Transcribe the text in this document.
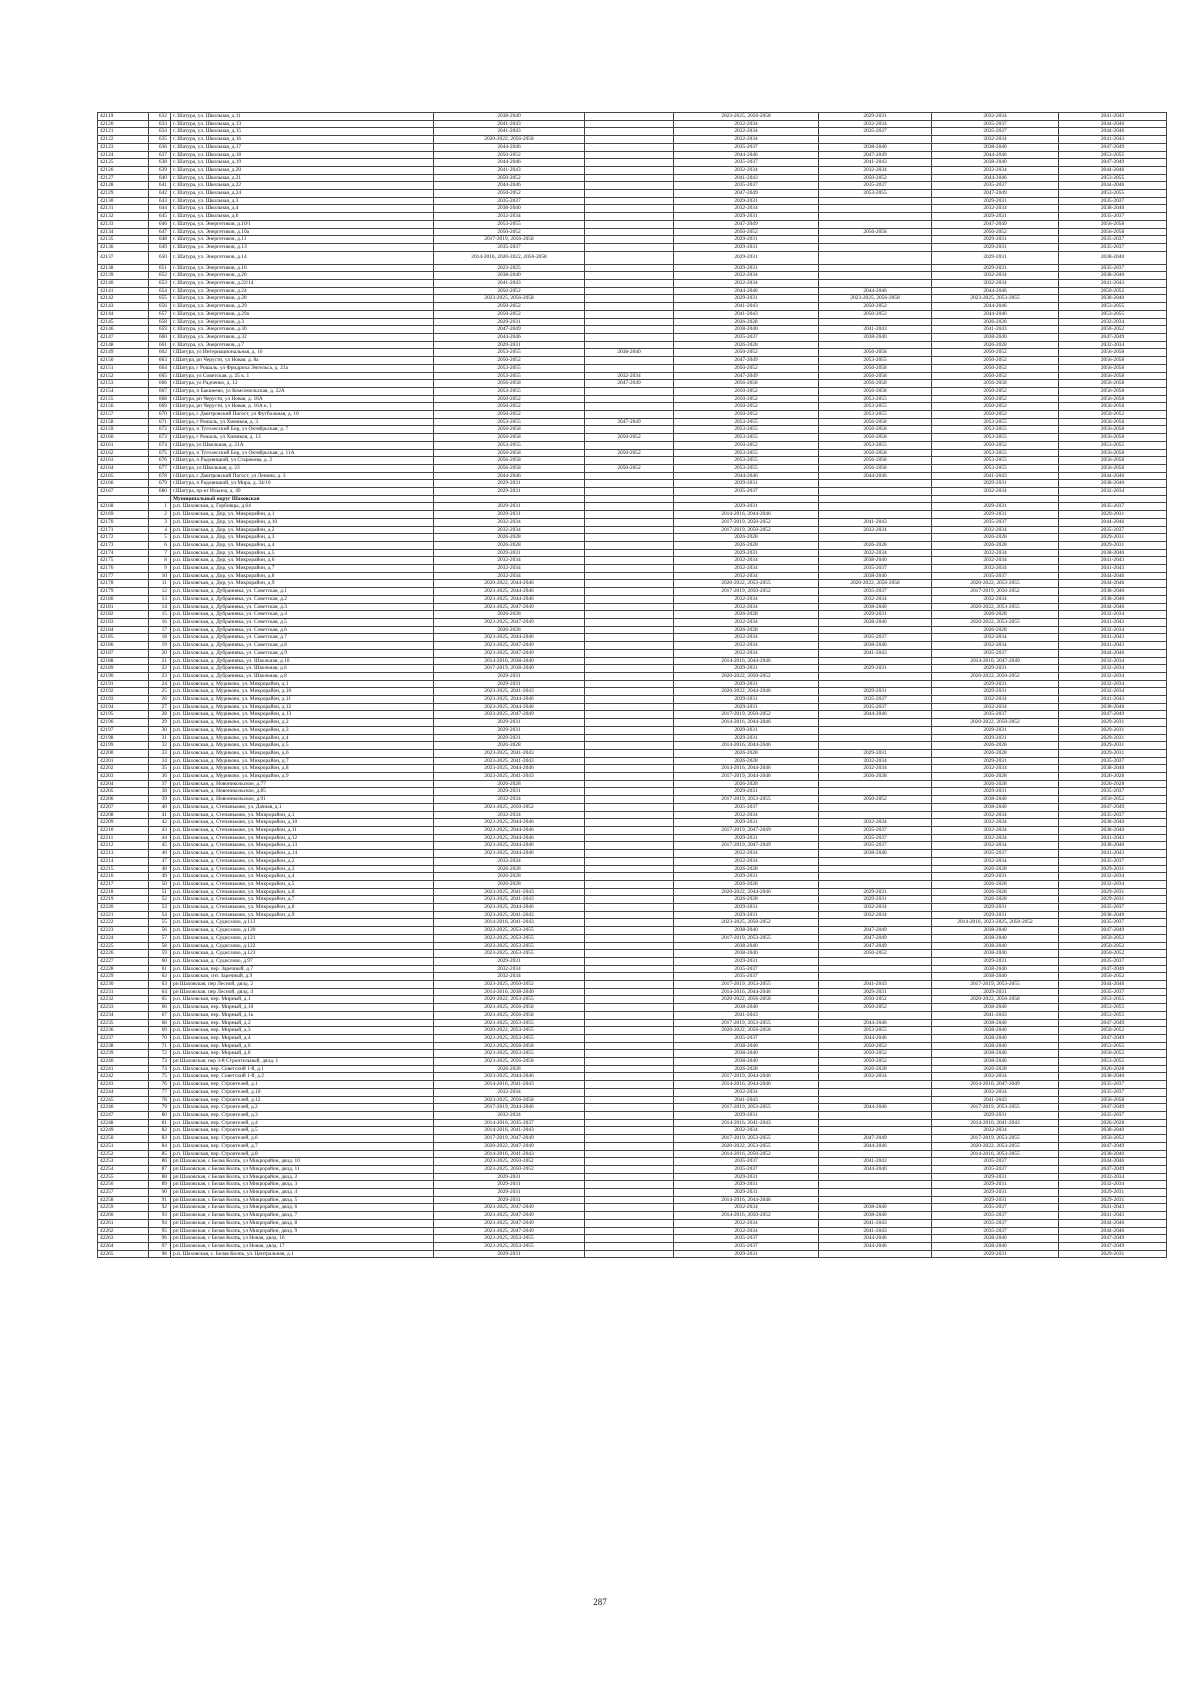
42119	632	г. Шатура, ул. Школьная, д.11	2038-2040		2023-2025, 2056-2058	2029-2031	2032-2034	2041-2043
42120	633	г. Шатура, ул. Школьная, д.13	2041-2043		2032-2034	2032-2034	2035-2037	2044-2046
42121	634	г. Шатура, ул. Школьная, д.15	2041-2043		2032-2034	2035-2037	2035-2037	2044-2046
42122	635	г. Шатура, ул. Школьная, д.16	2020-2022, 2056-2058		2032-2034		2032-2034	2041-2043
42123	636	г. Шатура, ул. Школьная, д.17	2044-2046		2035-2037	2038-2040	2038-2040	2047-2049
42124	637	г. Шатура, ул. Школьная, д.18	2050-2052		2044-2046	2047-2049	2044-2046	2053-2055
42125	638	г. Шатура, ул. Школьная, д.19	2044-2046		2035-2037	2041-2043	2038-2040	2047-2049
42126	639	г. Шатура, ул. Школьная, д.20	2041-2043		2032-2034	2032-2034	2032-2034	2044-2046
42127	640	г. Шатура, ул. Школьная, д.21	2050-2052		2041-2043	2050-2052	2044-2046	2053-2055
42128	641	г. Шатура, ул. Школьная, д.22	2044-2046		2035-2037	2035-2037	2035-2037	2044-2046
42129	642	г. Шатура, ул. Школьная, д.24	2050-2052		2047-2049	2053-2055	2047-2049	2053-2055
42130	643	г. Шатура, ул. Школьная, д.3	2035-2037		2029-2031		2029-2031	2035-2037
42131	644	г. Шатура, ул. Школьная, д.4	2038-2040		2032-2034		2032-2034	2038-2040
42132	645	г. Шатура, ул. Школьная, д.6	2032-2034		2029-2031		2029-2031	2035-2037
42133	646	г. Шатура, ул. Энергетиков, д.10/1	2053-2055		2047-2049		2047-2049	2056-2058
42134	647	г. Шатура, ул. Энергетиков, д.10а	2050-2052		2050-2052	2056-2058	2050-2052	2056-2058
42135	648	г. Шатура, ул. Энергетиков, д.11	2017-2019, 2056-2058		2029-2031		2029-2031	2035-2037
42136	649	г. Шатура, ул. Энергетиков, д.13	2035-2037		2029-2031		2029-2031	2035-2037
42137	650	г. Шатура, ул. Энергетиков, д.14	2014-2016, 2020-2022, 2056-2058		2029-2031		2029-2031	2038-2040
42138	651	г. Шатура, ул. Энергетиков, д.16	2023-2025		2029-2031		2029-2031	2035-2037
42139	652	г. Шатура, ул. Энергетиков, д.20	2038-2040		2032-2034		2032-2034	2038-2040
42140	653	г. Шатура, ул. Энергетиков, д.22/14	2041-2043		2032-2034		2032-2034	2041-2043
42141	654	г. Шатура, ул. Энергетиков, д.24	2050-2052		2044-2046	2044-2046	2044-2046	2050-2052
42142	655	г. Шатура, ул. Энергетиков, д.28	2023-2025, 2056-2058		2029-2031	2023-2025, 2056-2058	2023-2025, 2053-2055	2038-2040
42143	656	г. Шатура, ул. Энергетиков, д.29	2050-2052		2041-2043	2050-2052	2044-2046	2053-2055
42144	657	г. Шатура, ул. Энергетиков, д.29а	2050-2052		2041-2043	2050-2052	2044-2046	2053-2055
42145	658	г. Шатура, ул. Энергетиков, д.3	2029-2031		2026-2028		2026-2028	2032-2034
42146	659	г. Шатура, ул. Энергетиков, д.30	2047-2049		2038-2040	2041-2043	2041-2043	2050-2052
42147	660	г. Шатура, ул. Энергетиков, д.32	2044-2046		2035-2037	2038-2040	2038-2040	2047-2049
42148	661	г. Шатура, ул. Энергетиков, д.7	2029-2031		2026-2028		2026-2028	2032-2034
42149	662	г.Шатура, ул Интернациональная, д. 16	2053-2055	2038-2040	2050-2052	2056-2058	2050-2052	2056-2058
42150	663	г.Шатура, рп Черусти, ул Новая, д. 8а	2050-2052		2047-2049	2053-2055	2050-2052	2056-2058
42151	664	г.Шатура, г Рошаль, ул Фридриха Энгельса, д. 21а	2053-2055		2050-2052	2056-2058	2050-2052	2056-2058
42152	665	г.Шатура, ул Советская, д. 25 к. 1	2053-2055	2032-2034	2047-2049	2056-2058	2050-2052	2056-2058
42153	666	г.Шатура, ул Радченко, д. 12	2056-2058	2047-2049	2056-2058	2056-2058	2056-2058	2056-2058
42154	667	г.Шатура, п Бакшеево, ул Комсомольская, д. 22А	2053-2055		2050-2052	2056-2058	2050-2052	2056-2058
42155	668	г.Шатура, рп Черусти, ул Новая, д. 16А	2050-2052		2050-2052	2053-2055	2050-2052	2056-2058
42156	669	г.Шатура, рп Черусти, ул Новая, д. 16А к. 1	2050-2052		2050-2052	2053-2055	2050-2052	2056-2058
42157	670	г.Шатура, с Дмитровский Погост, ул Футбольная, д. 10	2050-2052		2050-2052	2053-2055	2050-2052	2050-2052
42158	671	г.Шатура, г Рошаль, ул Химиков, д. 3	2053-2055	2047-2049	2053-2055	2056-2058	2053-2055	2056-2058
42159	672	г.Шатура, п Туголесский Бор, ул Октябрьская, д. 7	2056-2058		2053-2055	2056-2058	2053-2055	2056-2058
42160	673	г.Шатура, г Рошаль, ул Химиков, д. 13	2056-2058	2050-2052	2053-2055	2056-2058	2053-2055	2056-2058
42161	674	г.Шатура, ул Школьная, д. 21А	2053-2055		2050-2052	2053-2055	2050-2052	2053-2055
42162	675	г.Шатура, п Туголесский Бор, ул Октябрьская, д. 11А	2056-2058	2050-2052	2053-2055	2056-2058	2053-2055	2056-2058
42163	676	г.Шатура, п Радовицкий, ул Старикова, д. 2	2056-2058		2053-2055	2056-2058	2053-2055	2056-2058
42164	677	г.Шатура, ул Школьная, д. 23	2056-2058	2050-2052	2053-2055	2056-2058	2053-2055	2056-2058
42165	678	г.Шатура, с Дмитровский Погост, ул Ленина, д. 3	2044-2046		2044-2046	2044-2046	2041-2043	2044-2046
42166	679	г.Шатура, п Радовицкий, ул Мира, д. 34/10	2029-2031		2029-2031		2029-2031	2038-2040
42167	680	г.Шатура, пр-кт Ильича, д. 49	2029-2031		2035-2037		2032-2034	2032-2034
		Муниципальный округ Шаховская						
42168	1	р.п. Шаховская, д. Горбовцы, д.64	2029-2031		2029-2031		2029-2031	2035-2037
42169	2	р.п. Шаховская, д. Дор, ул. Микрорайон, д.1	2029-2031		2014-2016, 2044-2046		2029-2031	2029-2031
42170	3	р.п. Шаховская, д. Дор, ул. Микрорайон, д.10	2032-2034		2017-2019, 2050-2052	2041-2043	2035-2037	2044-2046
42171	4	р.п. Шаховская, д. Дор, ул. Микрорайон, д.2	2032-2034		2017-2019, 2050-2052	2032-2034	2032-2034	2035-2037
42172	5	р.п. Шаховская, д. Дор, ул. Микрорайон, д.3	2026-2028		2026-2028		2026-2028	2029-2031
42173	6	р.п. Шаховская, д. Дор, ул. Микрорайон, д.4	2026-2028		2026-2028	2026-2028	2026-2028	2029-2031
42174	7	р.п. Шаховская, д. Дор, ул. Микрорайон, д.5	2029-2031		2029-2031	2032-2034	2032-2034	2038-2040
42175	8	р.п. Шаховская, д. Дор, ул. Микрорайон, д.6	2032-2034		2032-2034	2038-2040	2032-2034	2041-2043
42176	9	р.п. Шаховская, д. Дор, ул. Микрорайон, д.7	2032-2034		2032-2034	2035-2037	2032-2034	2041-2043
42177	10	р.п. Шаховская, д. Дор, ул. Микрорайон, д.8	2032-2034		2032-2034	2038-2040	2035-2037	2044-2046
42178	11	р.п. Шаховская, д. Дор, ул. Микрорайон, д.9	2020-2022, 2044-2046		2020-2022, 2053-2055	2020-2022, 2056-2058	2020-2022, 2053-2055	2044-2046
42179	12	р.п. Шаховская, д. Дубранивка, ул. Советская, д.1	2023-2025, 2044-2046		2017-2019, 2050-2052	2035-2037	2017-2019, 2050-2052	2038-2040
42180	13	р.п. Шаховская, д. Дубранивка, ул. Советская, д.2	2023-2025, 2044-2046		2032-2034	2032-2034	2032-2034	2038-2040
42181	14	р.п. Шаховская, д. Дубранивка, ул. Советская, д.3	2023-2025, 2047-2049		2032-2034	2038-2040	2020-2022, 2053-2055	2044-2046
42182	15	р.п. Шаховская, д. Дубранивка, ул. Советская, д.4	2026-2028		2026-2028	2029-2031	2026-2028	2032-2034
42183	16	р.п. Шаховская, д. Дубранивка, ул. Советская, д.5	2023-2025, 2047-2049		2032-2034	2038-2040	2020-2022, 2053-2055	2041-2043
42184	17	р.п. Шаховская, д. Дубранивка, ул. Советская, д.6	2026-2028		2026-2028		2026-2028	2032-2034
42185	18	р.п. Шаховская, д. Дубранивка, ул. Советская, д.7	2023-2025, 2044-2046		2032-2034	2035-2037	2032-2034	2041-2043
42186	19	р.п. Шаховская, д. Дубранивка, ул. Советская, д.8	2023-2025, 2047-2049		2032-2034	2038-2040	2032-2034	2041-2043
42187	20	р.п. Шаховская, д. Дубранивка, ул. Советская, д.9	2023-2025, 2047-2049		2032-2034	2041-2043	2035-2037	2044-2046
42188	21	р.п. Шаховская, д. Дубранивка, ул. Школьная, д.10	2014-2016, 2038-2040		2014-2016, 2044-2046		2014-2016, 2047-2049	2032-2034
42189	22	р.п. Шаховская, д. Дубранивка, ул. Школьная, д.6	2017-2019, 2038-2040		2029-2031	2029-2031	2029-2031	2032-2034
42190	23	р.п. Шаховская, д. Дубранивка, ул. Школьная, д.8	2029-2031		2020-2022, 2050-2052		2020-2022, 2050-2052	2032-2034
42191	24	р.п. Шаховская, д. Муриково, ул. Микрорайон, д.1	2029-2031		2029-2031		2029-2031	2032-2034
42192	25	р.п. Шаховская, д. Муриково, ул. Микрорайон, д.10	2023-2025, 2041-2043		2020-2022, 2044-2046	2029-2031	2029-2031	2032-2034
42193	26	р.п. Шаховская, д. Муриково, ул. Микрорайон, д.11	2023-2025, 2044-2046		2029-2031	2035-2037	2032-2034	2041-2043
42194	27	р.п. Шаховская, д. Муриково, ул. Микрорайон, д.12	2023-2025, 2044-2046		2029-2031	2035-2037	2032-2034	2038-2040
42195	28	р.п. Шаховская, д. Муриково, ул. Микрорайон, д.13	2023-2025, 2047-2049		2017-2019, 2050-2052	2044-2046	2035-2037	2047-2049
42196	29	р.п. Шаховская, д. Муриково, ул. Микрорайон, д.2	2029-2031		2014-2016, 2044-2046		2020-2022, 2050-2052	2029-2031
42197	30	р.п. Шаховская, д. Муриково, ул. Микрорайон, д.3	2029-2031		2029-2031		2029-2031	2029-2031
42198	31	р.п. Шаховская, д. Муриково, ул. Микрорайон, д.4	2029-2031		2029-2031		2029-2031	2029-2031
42199	32	р.п. Шаховская, д. Муриково, ул. Микрорайон, д.5	2026-2028		2014-2016, 2044-2046		2026-2028	2029-2031
42200	33	р.п. Шаховская, д. Муриково, ул. Микрорайон, д.6	2023-2025, 2041-2043		2026-2028	2029-2031	2026-2028	2029-2031
42201	34	р.п. Шаховская, д. Муриково, ул. Микрорайон, д.7	2023-2025, 2041-2043		2026-2028	2032-2034	2029-2031	2035-2037
42202	35	р.п. Шаховская, д. Муриково, ул. Микрорайон, д.8	2023-2025, 2044-2046		2014-2016, 2044-2046	2032-2034	2032-2034	2038-2040
42203	36	р.п. Шаховская, д. Муриково, ул. Микрорайон, д.9	2023-2025, 2041-2043		2017-2019, 2044-2046	2026-2028	2026-2028	2026-2028
42204	37	р.п. Шаховская, д. Новоникольское, д.77	2026-2028		2026-2028		2026-2028	2026-2028
42205	38	р.п. Шаховская, д. Новоникольское, д.85	2029-2031		2029-2031		2029-2031	2035-2037
42206	39	р.п. Шаховская, д. Новоникольское, д.91	2032-2034		2017-2019, 2053-2055	2050-2052	2038-2040	2050-2052
42207	40	р.п. Шаховская, д. Степаньково, ул. Дачная, д.1	2023-2025, 2050-2052		2035-2037		2038-2040	2047-2049
42208	41	р.п. Шаховская, д. Степаньково, ул. Микрорайон, д.1	2032-2034		2032-2034		2032-2034	2035-2037
42209	42	р.п. Шаховская, д. Степаньково, ул. Микрорайон, д.10	2023-2025, 2044-2046		2029-2031	2032-2034	2032-2034	2038-2040
42210	43	р.п. Шаховская, д. Степаньково, ул. Микрорайон, д.11	2023-2025, 2044-2046		2017-2019, 2047-2049	2035-2037	2032-2034	2038-2040
42211	44	р.п. Шаховская, д. Степаньково, ул. Микрорайон, д.12	2023-2025, 2044-2046		2029-2031	2035-2037	2032-2034	2041-2043
42212	45	р.п. Шаховская, д. Степаньково, ул. Микрорайон, д.13	2023-2025, 2044-2046		2017-2019, 2047-2049	2035-2037	2032-2034	2038-2040
42213	46	р.п. Шаховская, д. Степаньково, ул. Микрорайон, д.14	2023-2025, 2044-2046		2032-2034	2038-2040	2035-2037	2041-2043
42214	47	р.п. Шаховская, д. Степаньково, ул. Микрорайон, д.2	2032-2034		2032-2034		2032-2034	2035-2037
42215	48	р.п. Шаховская, д. Степаньково, ул. Микрорайон, д.3	2026-2028		2026-2028		2026-2028	2029-2031
42216	49	р.п. Шаховская, д. Степаньково, ул. Микрорайон, д.4	2026-2028		2029-2031		2029-2031	2032-2034
42217	50	р.п. Шаховская, д. Степаньково, ул. Микрорайон, д.5	2026-2028		2026-2028		2026-2028	2032-2034
42218	51	р.п. Шаховская, д. Степаньково, ул. Микрорайон, д.6	2023-2025, 2041-2043		2020-2022, 2044-2046	2029-2031	2026-2028	2029-2031
42219	52	р.п. Шаховская, д. Степаньково, ул. Микрорайон, д.7	2023-2025, 2041-2043		2026-2028	2029-2031	2026-2028	2029-2031
42220	53	р.п. Шаховская, д. Степаньково, ул. Микрорайон, д.8	2023-2025, 2044-2046		2029-2031	2032-2034	2029-2031	2035-2037
42221	54	р.п. Шаховская, д. Степаньково, ул. Микрорайон, д.9	2023-2025, 2041-2043		2029-2031	2032-2034	2029-2031	2038-2040
42222	55	р.п. Шаховская, д. Судислово, д.113	2014-2016, 2041-2043		2023-2025, 2050-2052		2014-2016, 2023-2025, 2050-2052	2035-2037
42223	56	р.п. Шаховская, д. Судислово, д.120	2023-2025, 2053-2055		2038-2040	2047-2049	2038-2040	2047-2049
42224	57	р.п. Шаховская, д. Судислово, д.121	2023-2025, 2053-2055		2017-2019, 2053-2055	2047-2049	2038-2040	2050-2052
42225	58	р.п. Шаховская, д. Судислово, д.122	2023-2025, 2053-2055		2038-2040	2047-2049	2038-2040	2050-2052
42226	59	р.п. Шаховская, д. Судислово, д.123	2023-2025, 2053-2055		2038-2040	2050-2052	2038-2040	2050-2052
42227	60	р.п. Шаховская, д. Судислово, д.97	2029-2031		2029-2031		2029-2031	2035-2037
42228	61	р.п. Шаховская, пер. Заречный, д.7	2032-2034		2035-2037		2038-2040	2047-2049
42229	62	р.п. Шаховская, снт. Заречный, д.9	2032-2034		2035-2037		2038-2040	2050-2052
42230	63	рп Шаховская, пер Лесной, двлд. 2	2023-2025, 2050-2052		2017-2019, 2053-2055	2041-2043	2017-2019, 2053-2055	2044-2046
42231	64	рп Шаховская, пер Лесной, двлд. 4	2014-2016, 2038-2040		2014-2016, 2044-2046	2029-2031	2029-2031	2035-2037
42232	65	р.п. Шаховская, пер. Мирный, д.1	2020-2022, 2053-2055		2020-2022, 2056-2058	2050-2052	2020-2022, 2056-2058	2053-2055
42233	66	р.п. Шаховская, пер. Мирный, д.10	2023-2025, 2056-2058		2038-2040	2050-2052	2038-2040	2053-2055
42234	67	р.п. Шаховская, пер. Мирный, д.1к	2023-2025, 2056-2058		2041-2043		2041-2043	2053-2055
42235	68	р.п. Шаховская, пер. Мирный, д.2	2023-2025, 2053-2055		2017-2019, 2053-2055	2044-2046	2038-2040	2047-2049
42236	69	р.п. Шаховская, пер. Мирный, д.3	2020-2022, 2053-2055		2020-2022, 2056-2058	2053-2055	2038-2040	2050-2052
42237	70	р.п. Шаховская, пер. Мирный, д.4	2023-2025, 2053-2055		2035-2037	2044-2046	2038-2040	2047-2049
42238	71	р.п. Шаховская, пер. Мирный, д.6	2023-2025, 2056-2058		2038-2040	2050-2052	2038-2040	2053-2055
42239	72	р.п. Шаховская, пер. Мирный, д.8	2023-2025, 2053-2055		2038-2040	2050-2052	2038-2040	2050-2052
42240	73	рп Шаховская, пер 3-й Строительный, двлд. 1	2023-2025, 2056-2058		2038-2040	2050-2052	2038-2040	2053-2055
42241	74	р.п. Шаховская, пер. Советский 1-й, д.1	2026-2028		2026-2028	2026-2028	2026-2028	2026-2028
42242	75	р.п. Шаховская, пер. Советский 1-й, д.2	2023-2025, 2044-2046		2017-2019, 2044-2046	2032-2034	2032-2034	2038-2040
42243	76	р.п. Шаховская, пер. Строителей, д.1	2014-2016, 2041-2043		2014-2016, 2044-2046		2014-2016, 2047-2049	2035-2037
42244	77	р.п. Шаховская, пер. Строителей, д.10	2032-2034		2032-2034		2032-2034	2035-2037
42245	78	р.п. Шаховская, пер. Строителей, д.12	2023-2025, 2056-2058		2041-2043		2041-2043	2056-2058
42246	79	р.п. Шаховская, пер. Строителей, д.2	2017-2019, 2044-2046		2017-2019, 2053-2055	2044-2046	2017-2019, 2053-2055	2047-2049
42247	80	р.п. Шаховская, пер. Строителей, д.3	2032-2034		2029-2031		2029-2031	2035-2037
42248	81	р.п. Шаховская, пер. Строителей, д.4	2014-2016, 2035-2037		2014-2016, 2041-2043		2014-2016, 2041-2043	2026-2028
42249	82	р.п. Шаховская, пер. Строителей, д.5	2014-2016, 2041-2043		2032-2034		2032-2034	2038-2040
42250	83	р.п. Шаховская, пер. Строителей, д.6	2017-2019, 2047-2049		2017-2019, 2053-2055	2047-2049	2017-2019, 2053-2055	2050-2052
42251	84	р.п. Шаховская, пер. Строителей, д.7	2020-2022, 2047-2049		2020-2022, 2053-2055	2044-2046	2020-2022, 2053-2055	2047-2049
42252	85	р.п. Шаховская, пер. Строителей, д.8	2014-2016, 2041-2043		2014-2016, 2050-2052		2014-2016, 2053-2055	2038-2040
42253	86	рп Шаховская, с Белая Колпь, ул Микрорайон, двлд. 10	2023-2025, 2050-2052		2035-2037	2041-2043	2035-2037	2044-2046
42254	87	рп Шаховская, с Белая Колпь, ул Микрорайон, двлд. 11	2023-2025, 2050-2052		2035-2037	2044-2046	2035-2037	2047-2049
42255	88	рп Шаховская, с Белая Колпь, ул Микрорайон, двлд. 2	2029-2031		2029-2031		2029-2031	2032-2034
42256	89	рп Шаховская, с Белая Колпь, ул Микрорайон, двлд. 3	2029-2031		2029-2031		2029-2031	2032-2034
42257	90	рп Шаховская, с Белая Колпь, ул Микрорайон, двлд. 4	2029-2031		2029-2031		2029-2031	2029-2031
42258	91	рп Шаховская, с Белая Колпь, ул Микрорайон, двлд. 5	2029-2031		2014-2016, 2044-2046		2029-2031	2029-2031
42259	92	рп Шаховская, с Белая Колпь, ул Микрорайон, двлд. 6	2023-2025, 2047-2049		2032-2034	2038-2040	2035-2037	2041-2043
42260	93	рп Шаховская, с Белая Колпь, ул Микрорайон, двлд. 7	2023-2025, 2047-2049		2014-2016, 2050-2052	2038-2040	2035-2037	2041-2043
42261	94	рп Шаховская, с Белая Колпь, ул Микрорайон, двлд. 8	2023-2025, 2047-2049		2032-2034	2041-2043	2035-2037	2044-2046
42262	95	рп Шаховская, с Белая Колпь, ул Микрорайон, двлд. 9	2023-2025, 2047-2049		2032-2034	2041-2043	2035-2037	2044-2046
42263	96	рп Шаховская, с Белая Колпь, ул Новая, двлд. 16	2023-2025, 2053-2055		2035-2037	2044-2046	2038-2040	2047-2049
42264	97	рп Шаховская, с Белая Колпь, ул Новая, двлд. 17	2023-2025, 2053-2055		2035-2037	2044-2046	2038-2040	2047-2049
42265	98	р.п. Шаховская, с. Белая Колпь, ул. Центральная, д.1	2029-2031		2029-2031		2029-2031	2029-2031
287
